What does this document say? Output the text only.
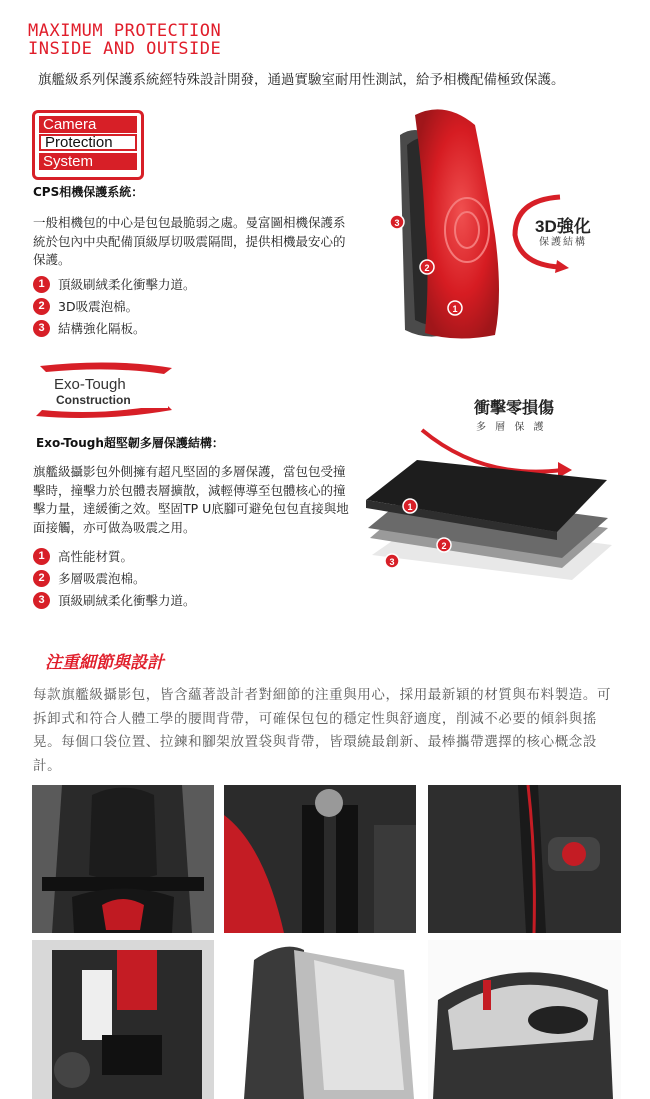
MAXIMUM PROTECTION
INSIDE AND OUTSIDE
旗艦級系列保護系統經特殊設計開發，通過實驗室耐用性測試，給予相機配備極致保護。
Camera
Protection
System
CPS相機保護系統：
一般相機包的中心是包包最脆弱之處。曼富圖相機保護系統於包內中央配備頂級厚切吸震隔間，提供相機最安心的保護。
1	頂級刷絨柔化衝擊力道。
2	3D吸震泡棉。
3	結構強化隔板。
3
2
1
3D強化
保護結構
Exo-Tough
Construction
Exo-Tough超堅韌多層保護結構：
旗艦級攝影包外側擁有超凡堅固的多層保護，當包包受撞擊時，撞擊力於包體表層擴散，減輕傳導至包體核心的撞擊力量，達緩衝之效。堅固TP U底腳可避免包包直接與地面接觸，亦可做為吸震之用。
1	高性能材質。
2	多層吸震泡棉。
3	頂級刷絨柔化衝擊力道。
衝擊零損傷
多 層 保 護
1
2
3
注重細節與設計
每款旗艦級攝影包，皆含蘊著設計者對細節的注重與用心，採用最新穎的材質與布料製造。可拆卸式和符合人體工學的腰間背帶，可確保包包的穩定性與舒適度，削減不必要的傾斜與搖晃。每個口袋位置、拉鍊和腳架放置袋與背帶，皆環繞最創新、最棒攜帶選擇的核心概念設計。
